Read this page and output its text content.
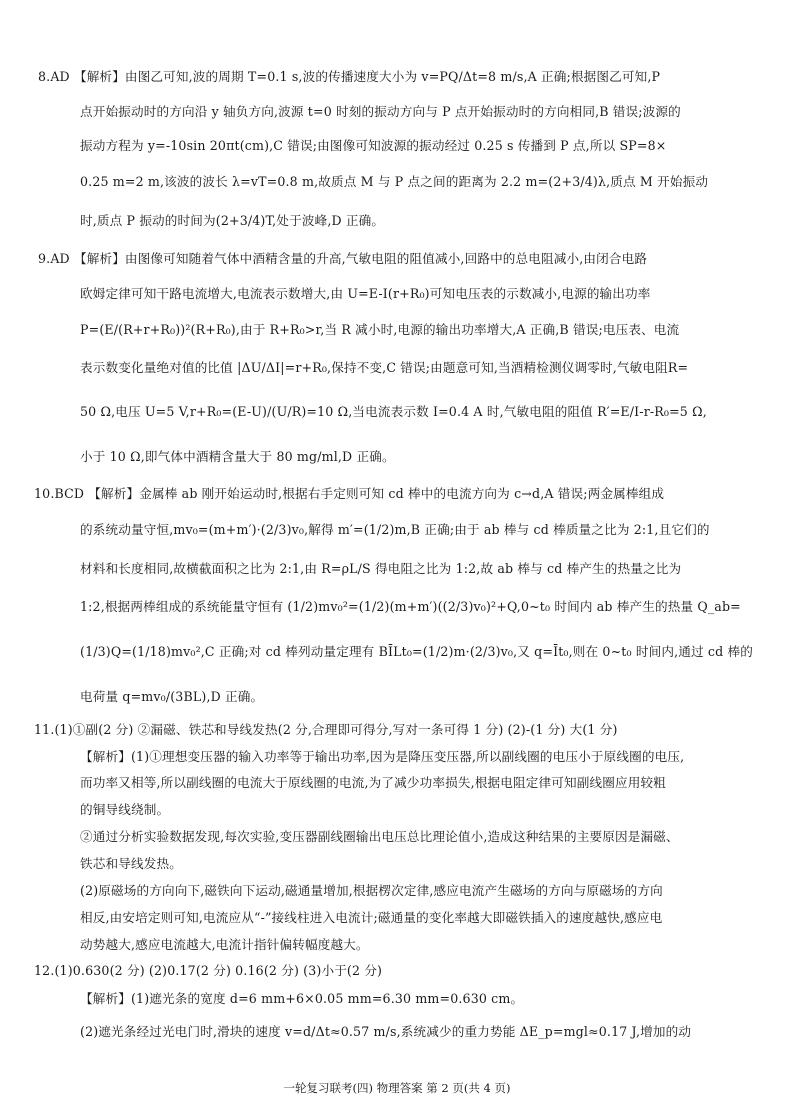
8.AD 【解析】由图乙可知,波的周期 T=0.1 s,波的传播速度大小为 v=PQ/Δt=8 m/s,A 正确;根据图乙可知,P
点开始振动时的方向沿 y 轴负方向,波源 t=0 时刻的振动方向与 P 点开始振动时的方向相同,B 错误;波源的
振动方程为 y=-10sin 20πt(cm),C 错误;由图像可知波源的振动经过 0.25 s 传播到 P 点,所以 SP=8×
0.25 m=2 m,该波的波长 λ=vT=0.8 m,故质点 M 与 P 点之间的距离为 2.2 m=(2+3/4)λ,质点 M 开始振动
时,质点 P 振动的时间为(2+3/4)T,处于波峰,D 正确。
9.AD 【解析】由图像可知随着气体中酒精含量的升高,气敏电阻的阻值减小,回路中的总电阻减小,由闭合电路
欧姆定律可知干路电流增大,电流表示数增大,由 U=E-I(r+R₀)可知电压表的示数减小,电源的输出功率
P=(E/(R+r+R₀))²(R+R₀),由于 R+R₀>r,当 R 减小时,电源的输出功率增大,A 正确,B 错误;电压表、电流
表示数变化量绝对值的比值 |ΔU/ΔI|=r+R₀,保持不变,C 错误;由题意可知,当酒精检测仪调零时,气敏电阻R=
50 Ω,电压 U=5 V,r+R₀=(E-U)/(U/R)=10 Ω,当电流表示数 I=0.4 A 时,气敏电阻的阻值 R′=E/I-r-R₀=5 Ω,
小于 10 Ω,即气体中酒精含量大于 80 mg/ml,D 正确。
10.BCD 【解析】金属棒 ab 刚开始运动时,根据右手定则可知 cd 棒中的电流方向为 c→d,A 错误;两金属棒组成
的系统动量守恒,mv₀=(m+m′)·(2/3)v₀,解得 m′=(1/2)m,B 正确;由于 ab 棒与 cd 棒质量之比为 2:1,且它们的
材料和长度相同,故横截面积之比为 2:1,由 R=ρL/S 得电阻之比为 1:2,故 ab 棒与 cd 棒产生的热量之比为
1:2,根据两棒组成的系统能量守恒有 (1/2)mv₀²=(1/2)(m+m′)((2/3)v₀)²+Q,0~t₀ 时间内 ab 棒产生的热量 Q_ab=
(1/3)Q=(1/18)mv₀²,C 正确;对 cd 棒列动量定理有 BĪLt₀=(1/2)m·(2/3)v₀,又 q=Īt₀,则在 0~t₀ 时间内,通过 cd 棒的
电荷量 q=mv₀/(3BL),D 正确。
11.(1)①副(2 分) ②漏磁、铁芯和导线发热(2 分,合理即可得分,写对一条可得 1 分) (2)-(1 分) 大(1 分)
【解析】(1)①理想变压器的输入功率等于输出功率,因为是降压变压器,所以副线圈的电压小于原线圈的电压,
而功率又相等,所以副线圈的电流大于原线圈的电流,为了减少功率损失,根据电阻定律可知副线圈应用较粗
的铜导线绕制。
②通过分析实验数据发现,每次实验,变压器副线圈输出电压总比理论值小,造成这种结果的主要原因是漏磁、
铁芯和导线发热。
(2)原磁场的方向向下,磁铁向下运动,磁通量增加,根据楞次定律,感应电流产生磁场的方向与原磁场的方向
相反,由安培定则可知,电流应从“-”接线柱进入电流计;磁通量的变化率越大即磁铁插入的速度越快,感应电
动势越大,感应电流越大,电流计指针偏转幅度越大。
12.(1)0.630(2 分) (2)0.17(2 分) 0.16(2 分) (3)小于(2 分)
【解析】(1)遮光条的宽度 d=6 mm+6×0.05 mm=6.30 mm=0.630 cm。
(2)遮光条经过光电门时,滑块的速度 v=d/Δt≈0.57 m/s,系统减少的重力势能 ΔE_p=mgl≈0.17 J,增加的动
一轮复习联考(四) 物理答案 第 2 页(共 4 页)
